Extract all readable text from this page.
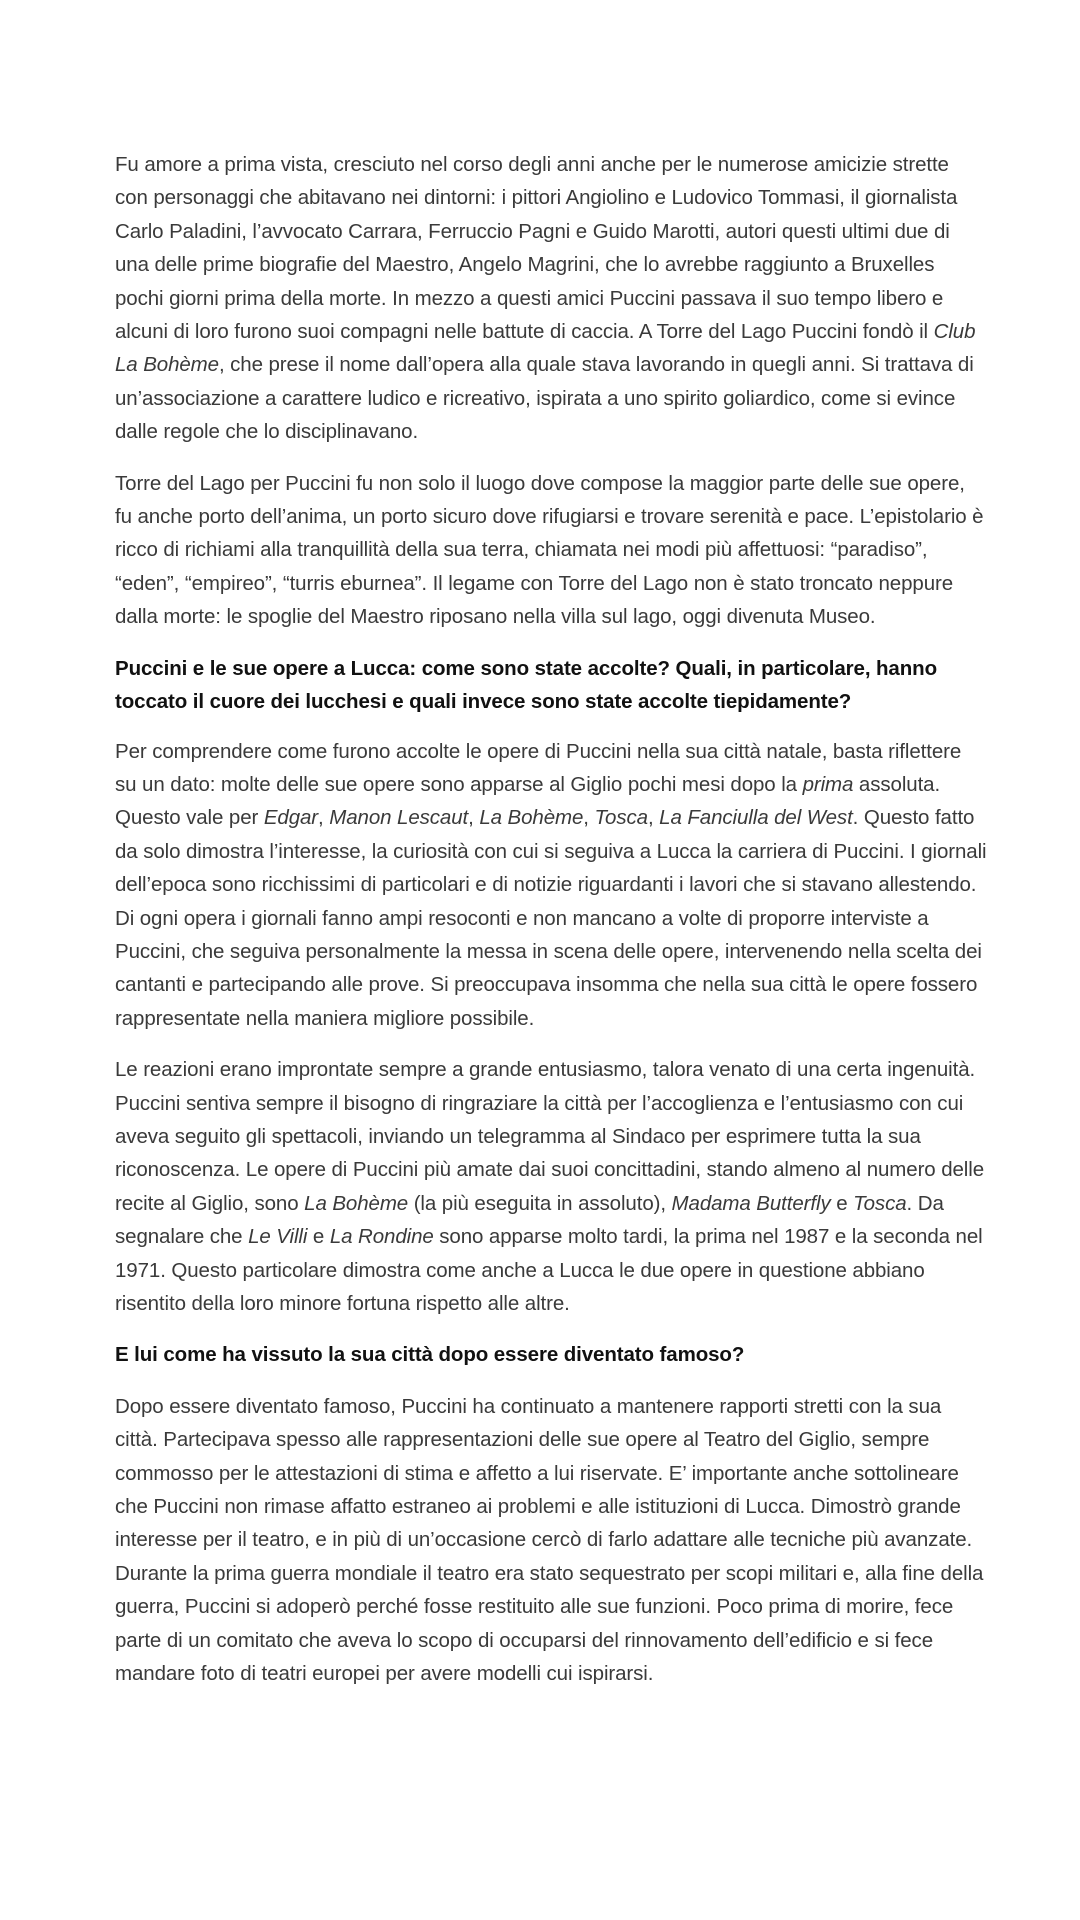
Fu amore a prima vista, cresciuto nel corso degli anni anche per le numerose amicizie strette con personaggi che abitavano nei dintorni: i pittori Angiolino e Ludovico Tommasi, il giornalista Carlo Paladini, l’avvocato Carrara, Ferruccio Pagni e Guido Marotti, autori questi ultimi due di una delle prime biografie del Maestro, Angelo Magrini, che lo avrebbe raggiunto a Bruxelles pochi giorni prima della morte. In mezzo a questi amici Puccini passava il suo tempo libero e alcuni di loro furono suoi compagni nelle battute di caccia. A Torre del Lago Puccini fondò il Club La Bohème, che prese il nome dall’opera alla quale stava lavorando in quegli anni. Si trattava di un’associazione a carattere ludico e ricreativo, ispirata a uno spirito goliardico, come si evince dalle regole che lo disciplinavano.

Torre del Lago per Puccini fu non solo il luogo dove compose la maggior parte delle sue opere, fu anche porto dell’anima, un porto sicuro dove rifugiarsi e trovare serenità e pace. L’epistolario è ricco di richiami alla tranquillità della sua terra, chiamata nei modi più affettuosi: “paradiso”, “eden”, “empireo”, “turris eburnea”. Il legame con Torre del Lago non è stato troncato neppure dalla morte: le spoglie del Maestro riposano nella villa sul lago, oggi divenuta Museo.

Puccini e le sue opere a Lucca: come sono state accolte? Quali, in particolare, hanno toccato il cuore dei lucchesi e quali invece sono state accolte tiepidamente?

Per comprendere come furono accolte le opere di Puccini nella sua città natale, basta riflettere su un dato: molte delle sue opere sono apparse al Giglio pochi mesi dopo la prima assoluta. Questo vale per Edgar, Manon Lescaut, La Bohème, Tosca, La Fanciulla del West. Questo fatto da solo dimostra l’interesse, la curiosità con cui si seguiva a Lucca la carriera di Puccini. I giornali dell’epoca sono ricchissimi di particolari e di notizie riguardanti i lavori che si stavano allestendo. Di ogni opera i giornali fanno ampi resoconti e non mancano a volte di proporre interviste a Puccini, che seguiva personalmente la messa in scena delle opere, intervenendo nella scelta dei cantanti e partecipando alle prove. Si preoccupava insomma che nella sua città le opere fossero rappresentate nella maniera migliore possibile.

Le reazioni erano improntate sempre a grande entusiasmo, talora venato di una certa ingenuità. Puccini sentiva sempre il bisogno di ringraziare la città per l’accoglienza e l’entusiasmo con cui aveva seguito gli spettacoli, inviando un telegramma al Sindaco per esprimere tutta la sua riconoscenza. Le opere di Puccini più amate dai suoi concittadini, stando almeno al numero delle recite al Giglio, sono La Bohème (la più eseguita in assoluto), Madama Butterfly e Tosca. Da segnalare che Le Villi e La Rondine sono apparse molto tardi, la prima nel 1987 e la seconda nel 1971. Questo particolare dimostra come anche a Lucca le due opere in questione abbiano risentito della loro minore fortuna rispetto alle altre.

E lui come ha vissuto la sua città dopo essere diventato famoso?

Dopo essere diventato famoso, Puccini ha continuato a mantenere rapporti stretti con la sua città. Partecipava spesso alle rappresentazioni delle sue opere al Teatro del Giglio, sempre commosso per le attestazioni di stima e affetto a lui riservate. E’ importante anche sottolineare che Puccini non rimase affatto estraneo ai problemi e alle istituzioni di Lucca. Dimostrò grande interesse per il teatro, e in più di un’occasione cercò di farlo adattare alle tecniche più avanzate. Durante la prima guerra mondiale il teatro era stato sequestrato per scopi militari e, alla fine della guerra, Puccini si adoperò perché fosse restituito alle sue funzioni. Poco prima di morire, fece parte di un comitato che aveva lo scopo di occuparsi del rinnovamento dell’edificio e si fece mandare foto di teatri europei per avere modelli cui ispirarsi.
